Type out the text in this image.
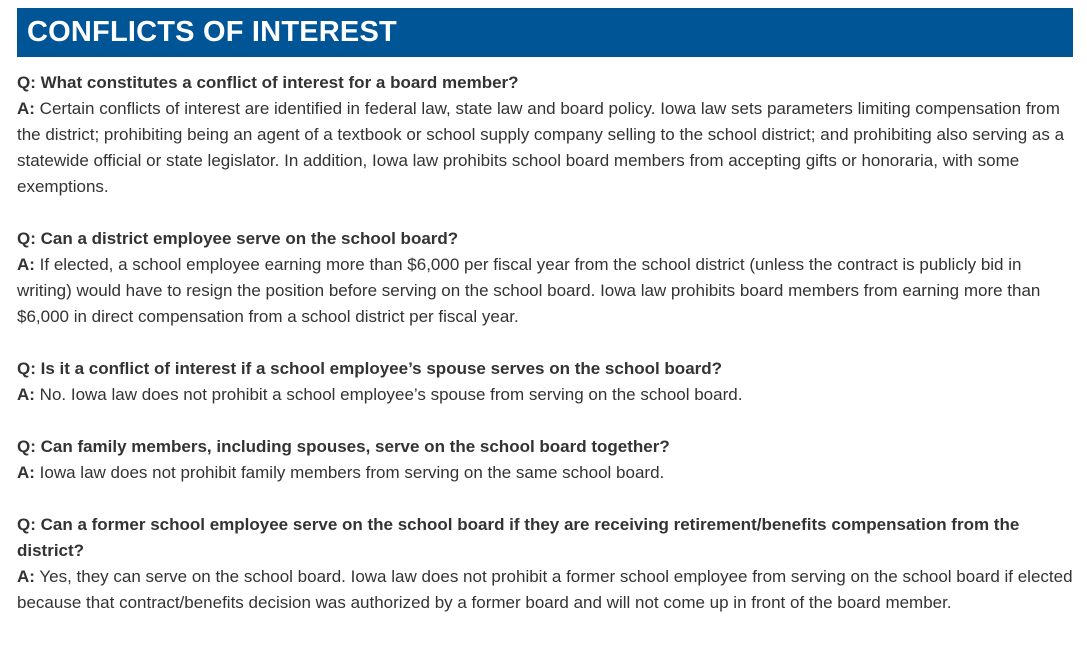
CONFLICTS OF INTEREST

Q: What constitutes a conflict of interest for a board member?

A: Certain conflicts of interest are identified in federal law, state law and board policy. Iowa law sets parameters limiting compensation from the district; prohibiting being an agent of a textbook or school supply company selling to the school district; and prohibiting also serving as a statewide official or state legislator. In addition, Iowa law prohibits school board members from accepting gifts or honoraria, with some exemptions.

Q: Can a district employee serve on the school board?

A: If elected, a school employee earning more than $6,000 per fiscal year from the school district (unless the contract is publicly bid in writing) would have to resign the position before serving on the school board. Iowa law prohibits board members from earning more than $6,000 in direct compensation from a school district per fiscal year.

Q: Is it a conflict of interest if a school employee’s spouse serves on the school board?

A: No. Iowa law does not prohibit a school employee’s spouse from serving on the school board.

Q: Can family members, including spouses, serve on the school board together?

A: Iowa law does not prohibit family members from serving on the same school board.

Q: Can a former school employee serve on the school board if they are receiving retirement/benefits compensation from the district?

A: Yes, they can serve on the school board. Iowa law does not prohibit a former school employee from serving on the school board if elected because that contract/benefits decision was authorized by a former board and will not come up in front of the board member.
